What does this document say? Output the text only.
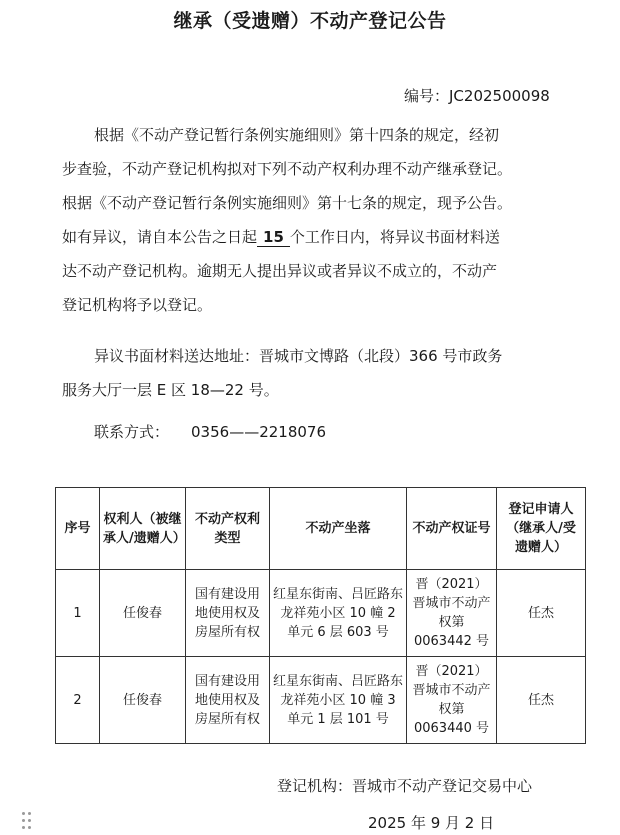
继承（受遗赠）不动产登记公告
编号：JC202500098
根据《不动产登记暂行条例实施细则》第十四条的规定，经初
步查验，不动产登记机构拟对下列不动产权利办理不动产继承登记。
根据《不动产登记暂行条例实施细则》第十七条的规定，现予公告。
如有异议，请自本公告之日起 15 个工作日内，将异议书面材料送
达不动产登记机构。逾期无人提出异议或者异议不成立的，不动产
登记机构将予以登记。
异议书面材料送达地址：晋城市文博路（北段）366 号市政务
服务大厅一层 E 区 18—22 号。
联系方式： 0356——2218076
序号	权利人（被继承人/遗赠人）	不动产权利类型	不动产坐落	不动产权证号	登记申请人（继承人/受遗赠人）
1	任俊春	国有建设用地使用权及房屋所有权	红星东街南、吕匠路东龙祥苑小区 10 幢 2 单元 6 层 603 号	晋（2021）晋城市不动产权第 0063442 号	任杰
2	任俊春	国有建设用地使用权及房屋所有权	红星东街南、吕匠路东龙祥苑小区 10 幢 3 单元 1 层 101 号	晋（2021）晋城市不动产权第 0063440 号	任杰
登记机构：晋城市不动产登记交易中心
2025 年 9 月 2 日
